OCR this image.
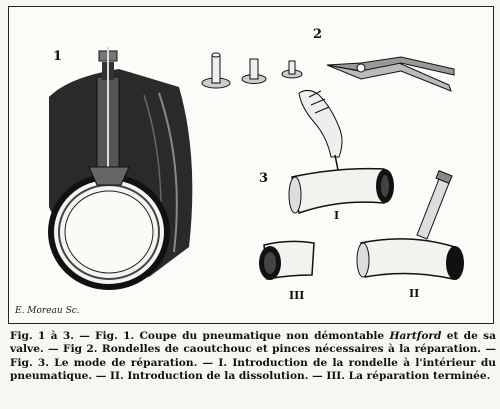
1
2
3
I
II
III
E. Moreau Sc.
Fig. 1 à 3. — Fig. 1. Coupe du pneumatique non démontable Hartford et de sa valve. — Fig 2. Rondelles de caoutchouc et pinces nécessaires à la réparation. — Fig. 3. Le mode de réparation. — I. Introduction de la rondelle à l'intérieur du pneumatique. — II. Introduction de la dissolution. — III. La réparation terminée.
